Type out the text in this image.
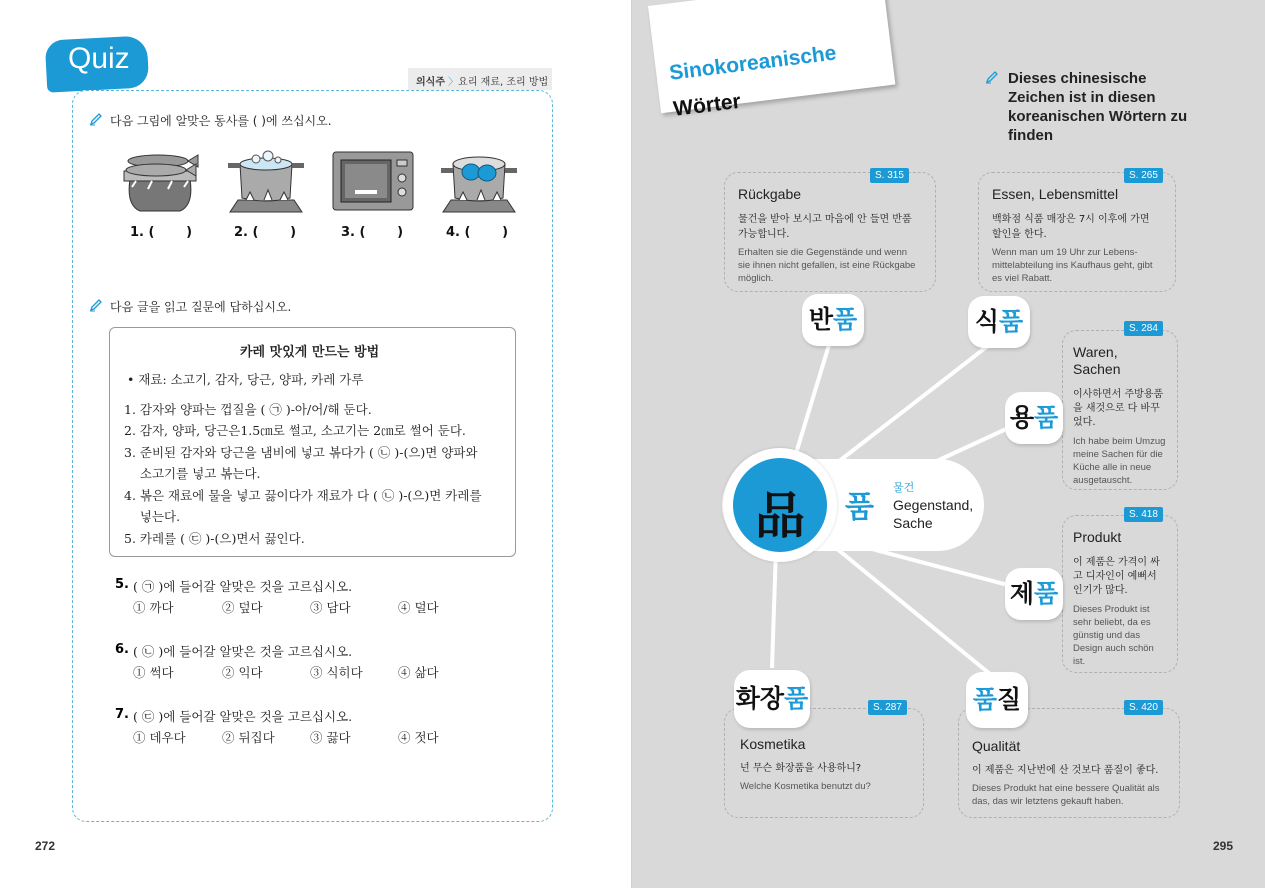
Quiz
의식주 〉요리 재료, 조리 방법
다음 그림에 알맞은 동사를 ( )에 쓰십시오.
1. (       )	2. (       )	3. (       )	4. (       )
다음 글을 읽고 질문에 답하십시오.
카레 맛있게 만드는 방법
• 재료: 소고기, 감자, 당근, 양파, 카레 가루
1. 감자와 양파는 껍질을 ( ㉠ )-아/어/해 둔다.
2. 감자, 양파, 당근은1.5㎝로 썰고, 소고기는 2㎝로 썰어 둔다.
3. 준비된 감자와 당근을 냄비에 넣고 볶다가 ( ㉡ )-(으)면 양파와
소고기를 넣고 볶는다.
4. 볶은 재료에 물을 넣고 끓이다가 재료가 다 ( ㉡ )-(으)면 카레를
넣는다.
5. 카레를 ( ㉢ )-(으)면서 끓인다.
5. ( ㉠ )에 들어갈 알맞은 것을 고르십시오.
① 까다	② 덮다	③ 담다	④ 덜다
6. ( ㉡ )에 들어갈 알맞은 것을 고르십시오.
① 썩다	② 익다	③ 식히다	④ 삶다
7. ( ㉢ )에 들어갈 알맞은 것을 고르십시오.
① 데우다	② 뒤집다	③ 끓다	④ 젓다
272
Sinokoreanische
Wörter
Dieses chinesische Zeichen ist in diesen koreanischen Wörtern zu finden
S. 315
Rückgabe
물건을 받아 보시고 마음에 안 들면 반품
가능합니다.
Erhalten sie die Gegenstände und wenn
sie ihnen nicht gefallen, ist eine Rückgabe
möglich.
S. 265
Essen, Lebensmittel
백화점 식품 매장은 7시 이후에 가면
할인을 한다.
Wenn man um 19 Uhr zur Lebens-
mittelabteilung ins Kaufhaus geht, gibt
es viel Rabatt.
S. 284
Waren,
Sachen
이사하면서 주방용품
을 새것으로 다 바꾸
었다.
Ich habe beim Umzug
meine Sachen für die
Küche alle in neue
ausgetauscht.
S. 418
Produkt
이 제품은 가격이 싸
고 디자인이 예뻐서
인기가 많다.
Dieses Produkt ist
sehr beliebt, da es
günstig und das
Design auch schön
ist.
S. 287
Kosmetika
넌 무슨 화장품을 사용하니?
Welche Kosmetika benutzt du?
S. 420
Qualität
이 제품은 지난번에 산 것보다 품질이 좋다.
Dieses Produkt hat eine bessere Qualität als
das, das wir letztens gekauft haben.
반품	식품
용품
제품
화장품	품질
品	품
물건
Gegenstand,
Sache
295
